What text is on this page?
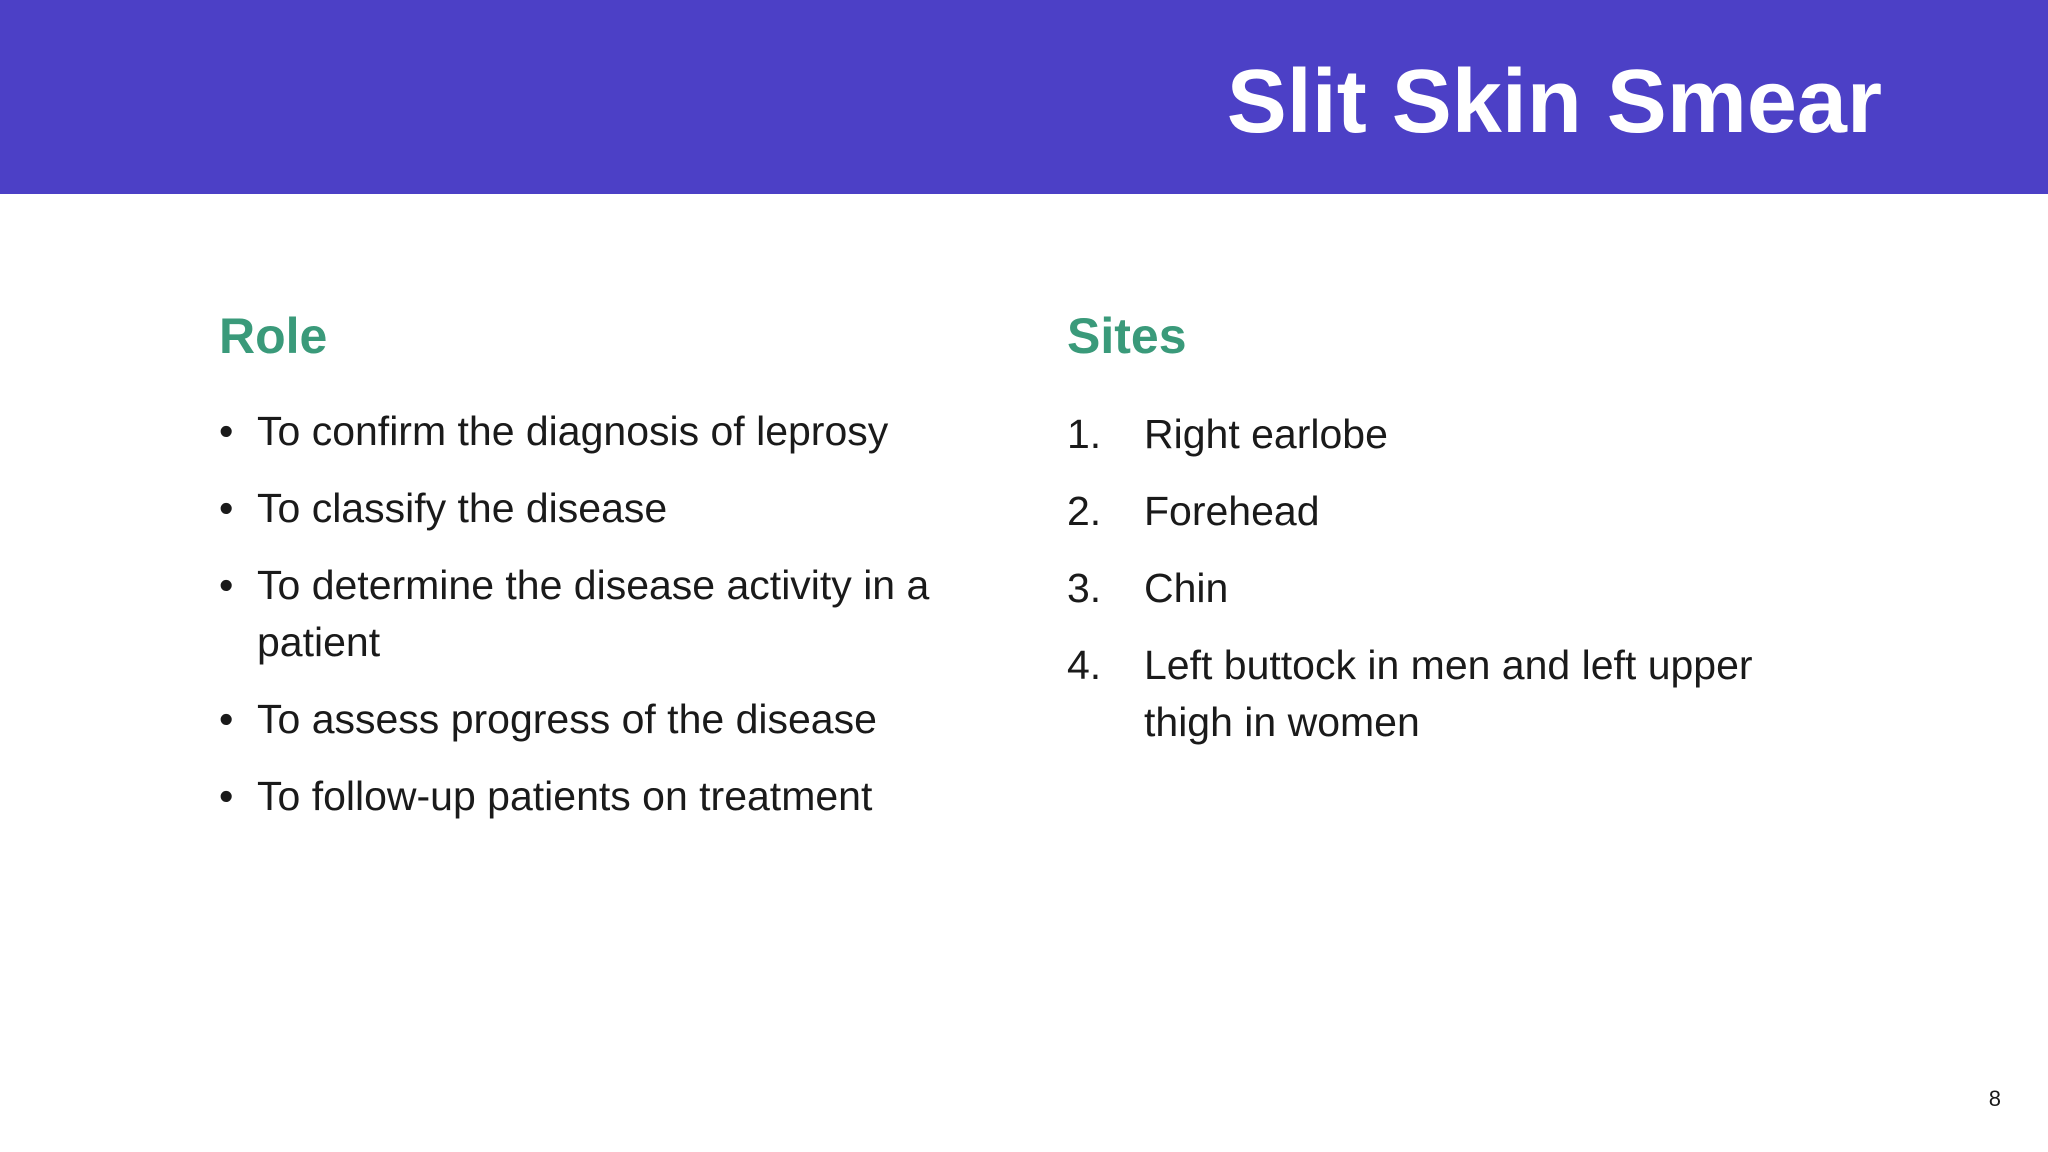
Slit Skin Smear
Role	Sites
• To confirm the diagnosis of leprosy
• To classify the disease
• To determine the disease activity in a patient
• To assess progress of the disease
• To follow-up patients on treatment
1. Right earlobe
2. Forehead
3. Chin
4. Left buttock in men and left upper thigh in women
8
